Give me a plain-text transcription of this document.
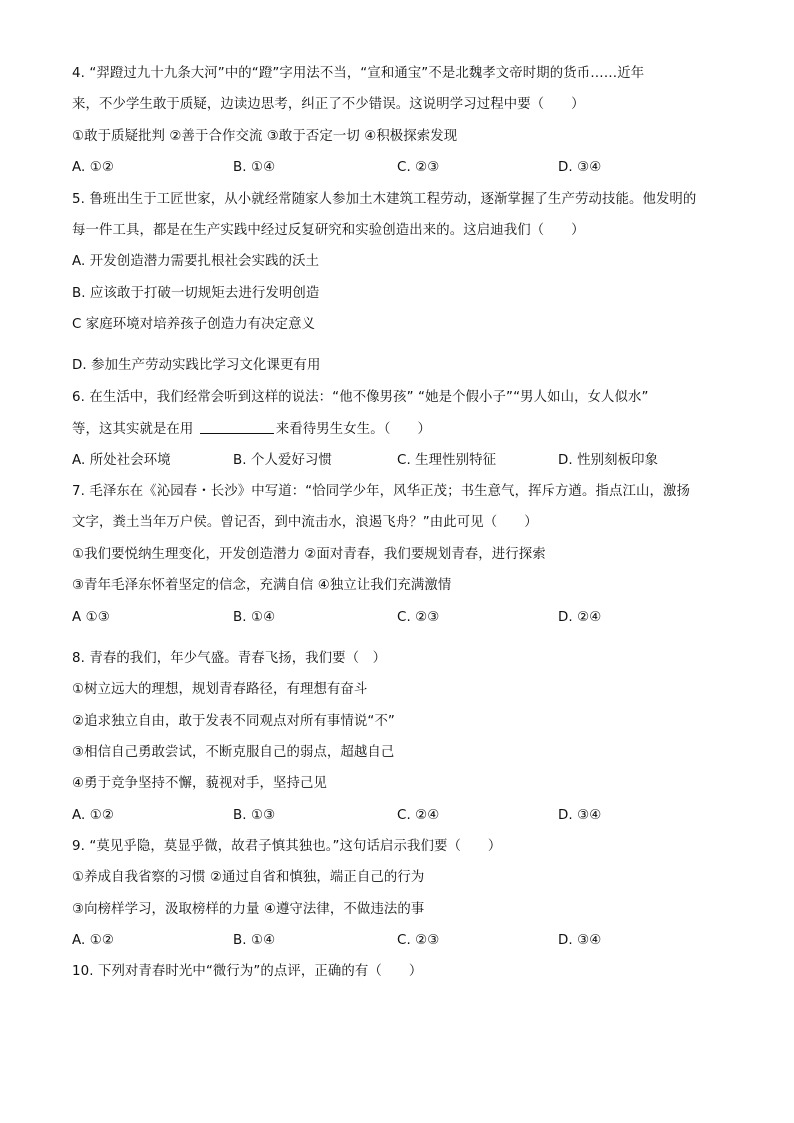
4. “羿蹬过九十九条大河”中的“蹬”字用法不当，“宣和通宝”不是北魏孝文帝时期的货币……近年
来，不少学生敢于质疑，边读边思考，纠正了不少错误。这说明学习过程中要（　　）
①敢于质疑批判 ②善于合作交流 ③敢于否定一切 ④积极探索发现
A. ①②	B. ①④	C. ②③	D. ③④
5. 鲁班出生于工匠世家，从小就经常随家人参加土木建筑工程劳动，逐渐掌握了生产劳动技能。他发明的
每一件工具，都是在生产实践中经过反复研究和实验创造出来的。这启迪我们（　　）
A. 开发创造潜力需要扎根社会实践的沃土
B. 应该敢于打破一切规矩去进行发明创造
C 家庭环境对培养孩子创造力有决定意义
D. 参加生产劳动实践比学习文化课更有用
6. 在生活中，我们经常会听到这样的说法：“他不像男孩” “她是个假小子”“男人如山，女人似水”
等，这其实就是在用	来看待男生女生。（　　）
A. 所处社会环境	B. 个人爱好习惯	C. 生理性别特征	D. 性别刻板印象
7. 毛泽东在《沁园春・长沙》中写道：“恰同学少年，风华正茂；书生意气，挥斥方遒。指点江山，激扬
文字，粪土当年万户侯。曾记否，到中流击水，浪遏飞舟？”由此可见（　　）
①我们要悦纳生理变化，开发创造潜力 ②面对青春，我们要规划青春，进行探索
③青年毛泽东怀着坚定的信念，充满自信 ④独立让我们充满激情
A ①③	B. ①④	C. ②③	D. ②④
8. 青春的我们，年少气盛。青春飞扬，我们要（　）
①树立远大的理想，规划青春路径，有理想有奋斗
②追求独立自由，敢于发表不同观点对所有事情说“不”
③相信自己勇敢尝试，不断克服自己的弱点，超越自己
④勇于竞争坚持不懈，藐视对手，坚持己见
A. ①②	B. ①③	C. ②④	D. ③④
9. “莫见乎隐，莫显乎微，故君子慎其独也。”这句话启示我们要（　　）
①养成自我省察的习惯 ②通过自省和慎独，端正自己的行为
③向榜样学习，汲取榜样的力量 ④遵守法律，不做违法的事
A. ①②	B. ①④	C. ②③	D. ③④
10. 下列对青春时光中“微行为”的点评，正确的有（　　）
